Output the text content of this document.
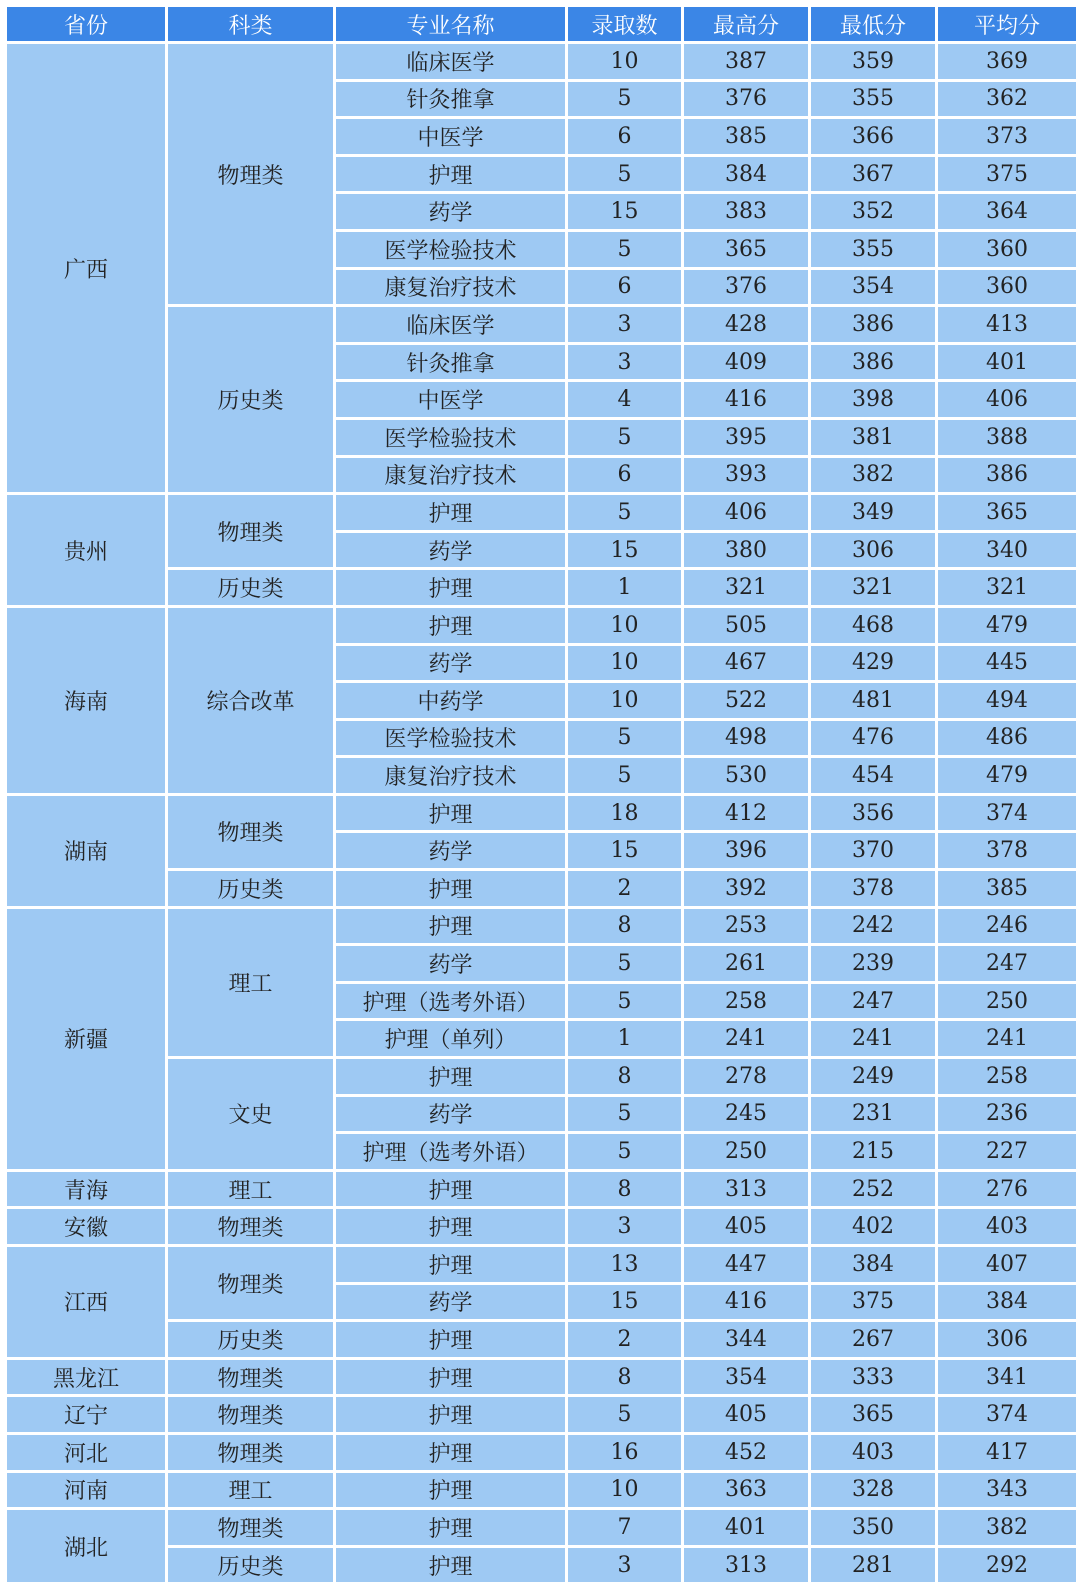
省份	科类	专业名称	录取数	最高分	最低分	平均分
广西	物理类	临床医学	10	387	359	369
		针灸推拿	5	376	355	362
		中医学	6	385	366	373
		护理	5	384	367	375
		药学	15	383	352	364
		医学检验技术	5	365	355	360
		康复治疗技术	6	376	354	360
	历史类	临床医学	3	428	386	413
		针灸推拿	3	409	386	401
		中医学	4	416	398	406
		医学检验技术	5	395	381	388
		康复治疗技术	6	393	382	386
贵州	物理类	护理	5	406	349	365
		药学	15	380	306	340
	历史类	护理	1	321	321	321
海南	综合改革	护理	10	505	468	479
		药学	10	467	429	445
		中药学	10	522	481	494
		医学检验技术	5	498	476	486
		康复治疗技术	5	530	454	479
湖南	物理类	护理	18	412	356	374
		药学	15	396	370	378
	历史类	护理	2	392	378	385
新疆	理工	护理	8	253	242	246
		药学	5	261	239	247
		护理（选考外语）	5	258	247	250
		护理（单列）	1	241	241	241
	文史	护理	8	278	249	258
		药学	5	245	231	236
		护理（选考外语）	5	250	215	227
青海	理工	护理	8	313	252	276
安徽	物理类	护理	3	405	402	403
江西	物理类	护理	13	447	384	407
		药学	15	416	375	384
	历史类	护理	2	344	267	306
黑龙江	物理类	护理	8	354	333	341
辽宁	物理类	护理	5	405	365	374
河北	物理类	护理	16	452	403	417
河南	理工	护理	10	363	328	343
湖北	物理类	护理	7	401	350	382
	历史类	护理	3	313	281	292
